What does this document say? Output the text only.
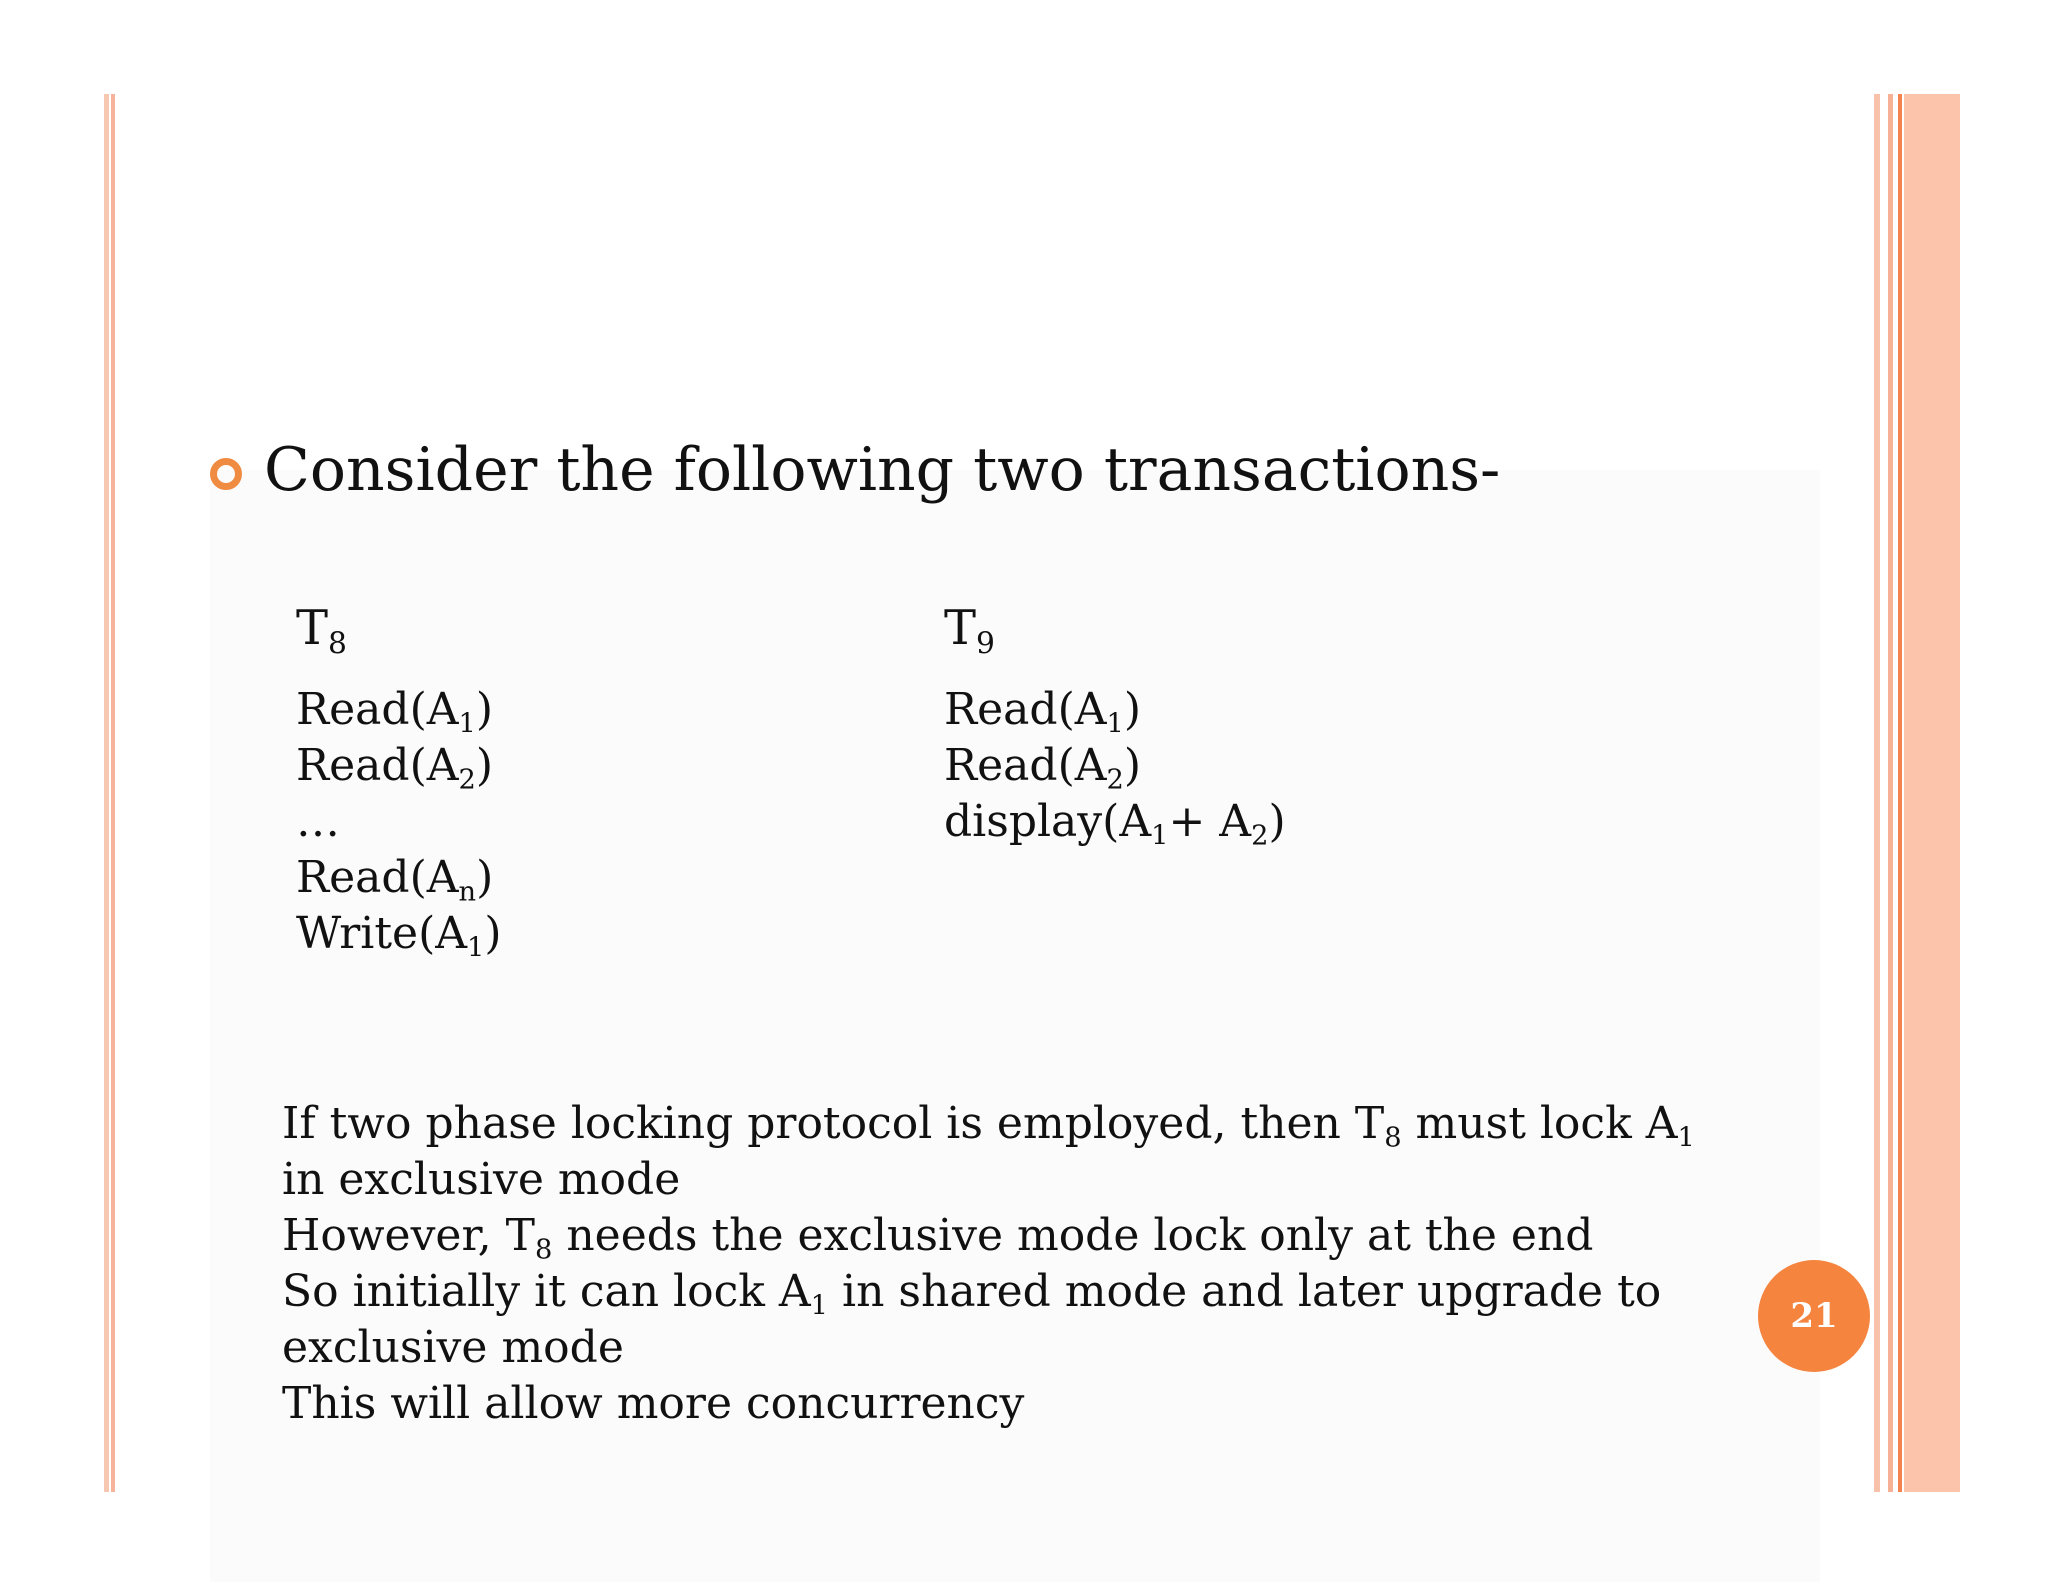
Consider the following two transactions-
$T_8$
$Read(A_1)$
$Read(A_2)$
…
$Read(A_n)$
$Write(A_1)$
$T_9$
$Read(A_1)$
$Read(A_2)$
$display(A_1+ A_2)$
If two phase locking protocol is employed, then $T_8$ must lock $A_1$
in exclusive mode
However, $T_8$ needs the exclusive mode lock only at the end
So initially it can lock $A_1$ in shared mode and later upgrade to
exclusive mode
This will allow more concurrency
21
